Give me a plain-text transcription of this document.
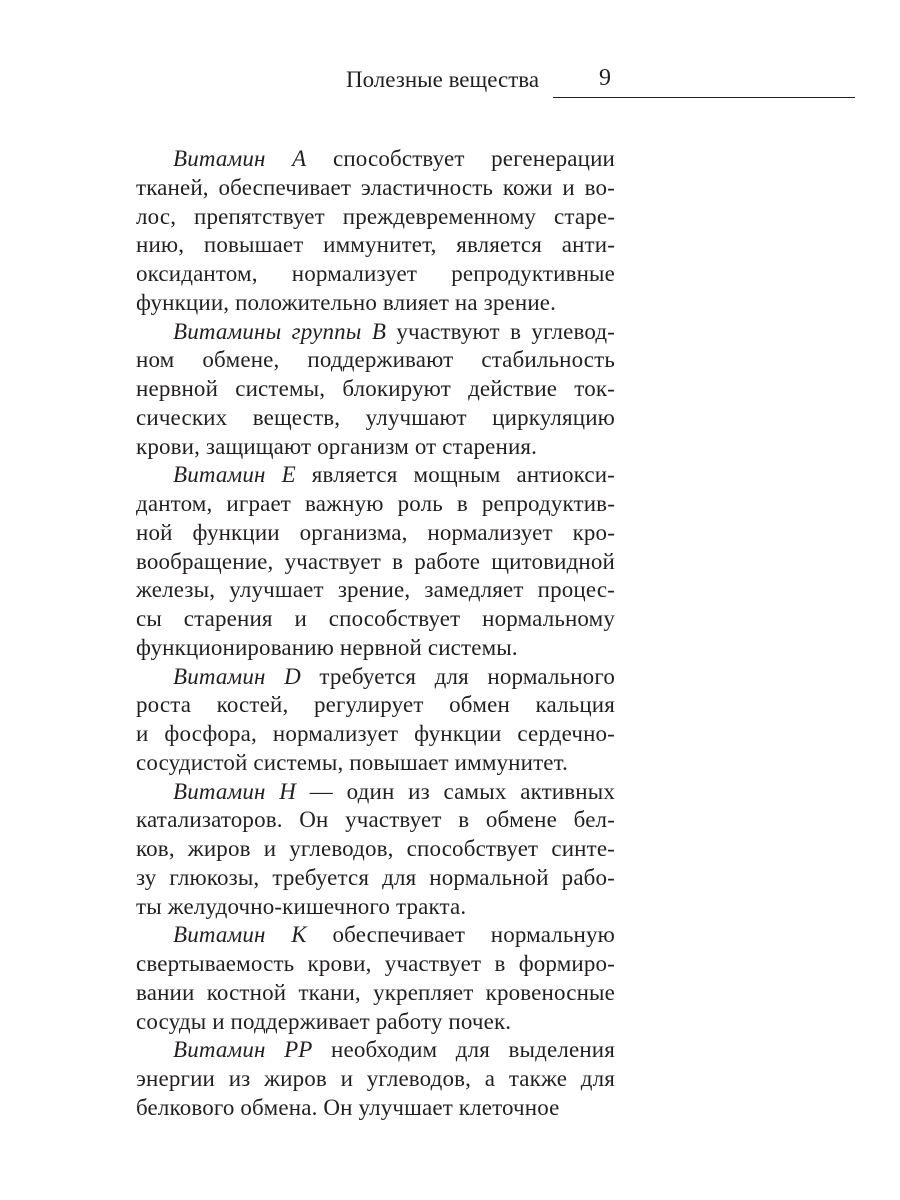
Полезные вещества 9

Витамин A способствует регенерации
тканей, обеспечивает эластичность кожи и во-
лос, препятствует преждевременному старе-
нию, повышает иммунитет, является анти-
оксидантом, нормализует репродуктивные
функции, положительно влияет на зрение.

Витамины группы B участвуют в углевод-
ном обмене, поддерживают стабильность
нервной системы, блокируют действие ток-
сических веществ, улучшают циркуляцию
крови, защищают организм от старения.

Витамин E является мощным антиокси-
дантом, играет важную роль в репродуктив-
ной функции организма, нормализует кро-
вообращение, участвует в работе щитовидной
железы, улучшает зрение, замедляет процес-
сы старения и способствует нормальному
функционированию нервной системы.

Витамин D требуется для нормального
роста костей, регулирует обмен кальция
и фосфора, нормализует функции сердечно-
сосудистой системы, повышает иммунитет.

Витамин H — один из самых активных
катализаторов. Он участвует в обмене бел-
ков, жиров и углеводов, способствует синте-
зу глюкозы, требуется для нормальной рабо-
ты желудочно-кишечного тракта.

Витамин K обеспечивает нормальную
свертываемость крови, участвует в формиро-
вании костной ткани, укрепляет кровеносные
сосуды и поддерживает работу почек.

Витамин PP необходим для выделения
энергии из жиров и углеводов, а также для
белкового обмена. Он улучшает клеточное
